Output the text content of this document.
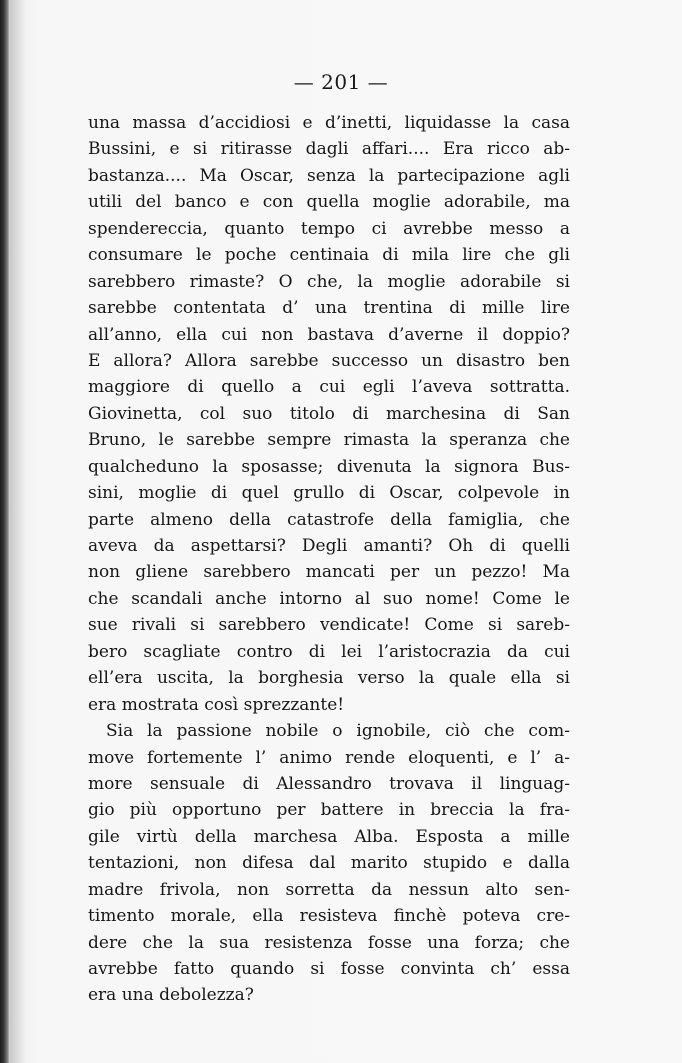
— 201 —
una massa d’accidiosi e d’inetti, liquidasse la casa
Bussini, e si ritirasse dagli affari.... Era ricco ab-
bastanza.... Ma Oscar, senza la partecipazione agli
utili del banco e con quella moglie adorabile, ma
spendereccia, quanto tempo ci avrebbe messo a
consumare le poche centinaia di mila lire che gli
sarebbero rimaste? O che, la moglie adorabile si
sarebbe contentata d’ una trentina di mille lire
all’anno, ella cui non bastava d’averne il doppio?
E allora? Allora sarebbe successo un disastro ben
maggiore di quello a cui egli l’aveva sottratta.
Giovinetta, col suo titolo di marchesina di San
Bruno, le sarebbe sempre rimasta la speranza che
qualcheduno la sposasse; divenuta la signora Bus-
sini, moglie di quel grullo di Oscar, colpevole in
parte almeno della catastrofe della famiglia, che
aveva da aspettarsi? Degli amanti? Oh di quelli
non gliene sarebbero mancati per un pezzo! Ma
che scandali anche intorno al suo nome! Come le
sue rivali si sarebbero vendicate! Come si sareb-
bero scagliate contro di lei l’aristocrazia da cui
ell’era uscita, la borghesia verso la quale ella si
era mostrata così sprezzante!
Sia la passione nobile o ignobile, ciò che com-
move fortemente l’ animo rende eloquenti, e l’ a-
more sensuale di Alessandro trovava il linguag-
gio più opportuno per battere in breccia la fra-
gile virtù della marchesa Alba. Esposta a mille
tentazioni, non difesa dal marito stupido e dalla
madre frivola, non sorretta da nessun alto sen-
timento morale, ella resisteva finchè poteva cre-
dere che la sua resistenza fosse una forza; che
avrebbe fatto quando si fosse convinta ch’ essa
era una debolezza?
